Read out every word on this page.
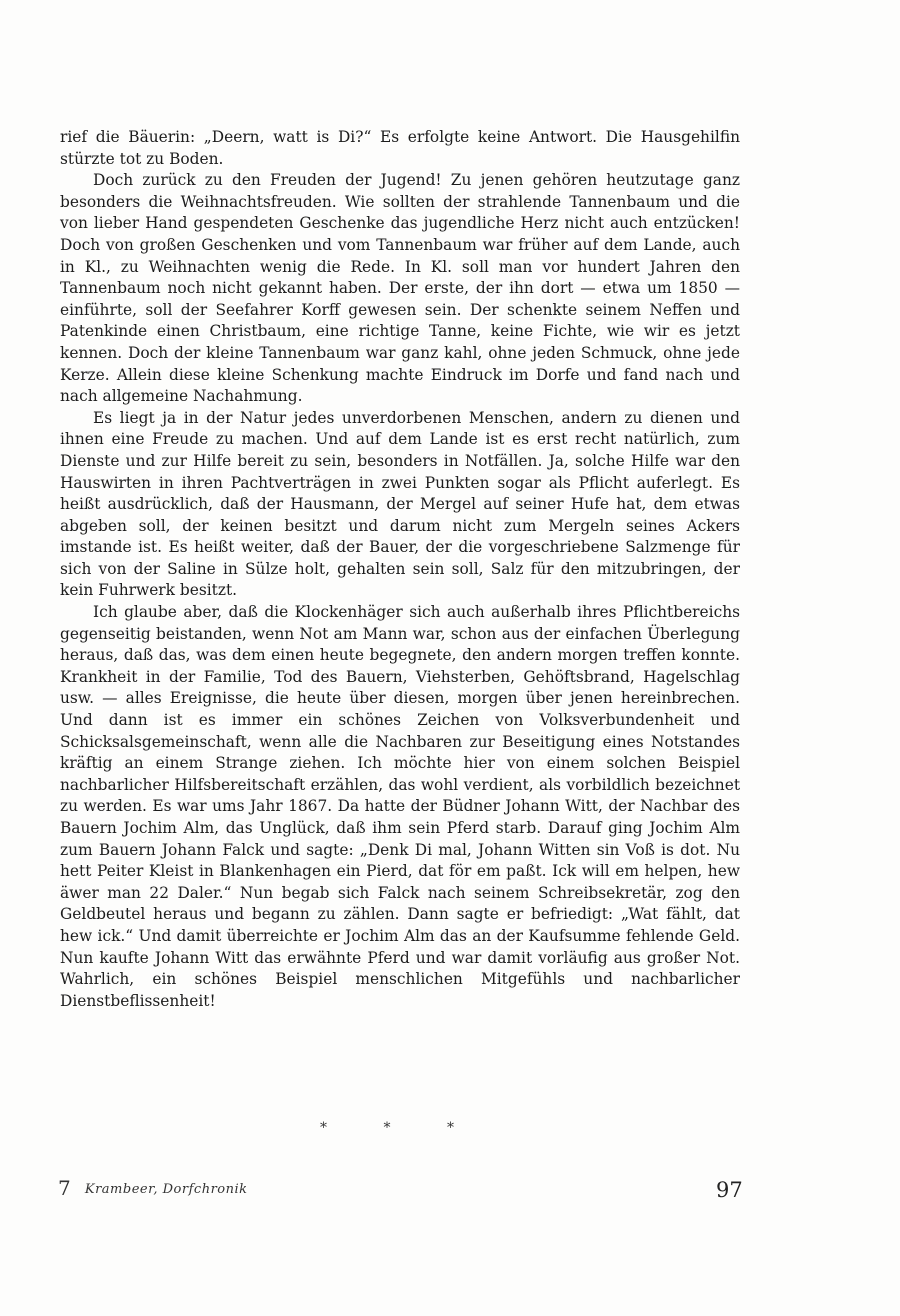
rief die Bäuerin: „Deern, watt is Di?“ Es erfolgte keine Antwort. Die Hausgehilfin stürzte tot zu Boden.

Doch zurück zu den Freuden der Jugend! Zu jenen gehören heutzutage ganz besonders die Weihnachtsfreuden. Wie sollten der strahlende Tannenbaum und die von lieber Hand gespendeten Geschenke das jugendliche Herz nicht auch entzücken! Doch von großen Geschenken und vom Tannenbaum war früher auf dem Lande, auch in Kl., zu Weihnachten wenig die Rede. In Kl. soll man vor hundert Jahren den Tannenbaum noch nicht gekannt haben. Der erste, der ihn dort — etwa um 1850 — einführte, soll der Seefahrer Korff gewesen sein. Der schenkte seinem Neffen und Patenkinde einen Christbaum, eine richtige Tanne, keine Fichte, wie wir es jetzt kennen. Doch der kleine Tannenbaum war ganz kahl, ohne jeden Schmuck, ohne jede Kerze. Allein diese kleine Schenkung machte Eindruck im Dorfe und fand nach und nach allgemeine Nachahmung.

Es liegt ja in der Natur jedes unverdorbenen Menschen, andern zu dienen und ihnen eine Freude zu machen. Und auf dem Lande ist es erst recht natürlich, zum Dienste und zur Hilfe bereit zu sein, besonders in Notfällen. Ja, solche Hilfe war den Hauswirten in ihren Pachtverträgen in zwei Punkten sogar als Pflicht auferlegt. Es heißt ausdrücklich, daß der Hausmann, der Mergel auf seiner Hufe hat, dem etwas abgeben soll, der keinen besitzt und darum nicht zum Mergeln seines Ackers imstande ist. Es heißt weiter, daß der Bauer, der die vorgeschriebene Salzmenge für sich von der Saline in Sülze holt, gehalten sein soll, Salz für den mitzubringen, der kein Fuhrwerk besitzt.

Ich glaube aber, daß die Klockenhäger sich auch außerhalb ihres Pflichtbereichs gegenseitig beistanden, wenn Not am Mann war, schon aus der einfachen Überlegung heraus, daß das, was dem einen heute begegnete, den andern morgen treffen konnte. Krankheit in der Familie, Tod des Bauern, Viehsterben, Gehöftsbrand, Hagelschlag usw. — alles Ereignisse, die heute über diesen, morgen über jenen hereinbrechen. Und dann ist es immer ein schönes Zeichen von Volksverbundenheit und Schicksalsgemeinschaft, wenn alle die Nachbaren zur Beseitigung eines Notstandes kräftig an einem Strange ziehen. Ich möchte hier von einem solchen Beispiel nachbarlicher Hilfsbereitschaft erzählen, das wohl verdient, als vorbildlich bezeichnet zu werden. Es war ums Jahr 1867. Da hatte der Büdner Johann Witt, der Nachbar des Bauern Jochim Alm, das Unglück, daß ihm sein Pferd starb. Darauf ging Jochim Alm zum Bauern Johann Falck und sagte: „Denk Di mal, Johann Witten sin Voß is dot. Nu hett Peiter Kleist in Blankenhagen ein Pierd, dat för em paßt. Ick will em helpen, hew äwer man 22 Daler.“ Nun begab sich Falck nach seinem Schreibsekretär, zog den Geldbeutel heraus und begann zu zählen. Dann sagte er befriedigt: „Wat fählt, dat hew ick.“ Und damit überreichte er Jochim Alm das an der Kaufsumme fehlende Geld. Nun kaufte Johann Witt das erwähnte Pferd und war damit vorläufig aus großer Not. Wahrlich, ein schönes Beispiel menschlichen Mitgefühls und nachbarlicher Dienstbeflissenheit!

* * *
7 Krambeer, Dorfchronik	97
